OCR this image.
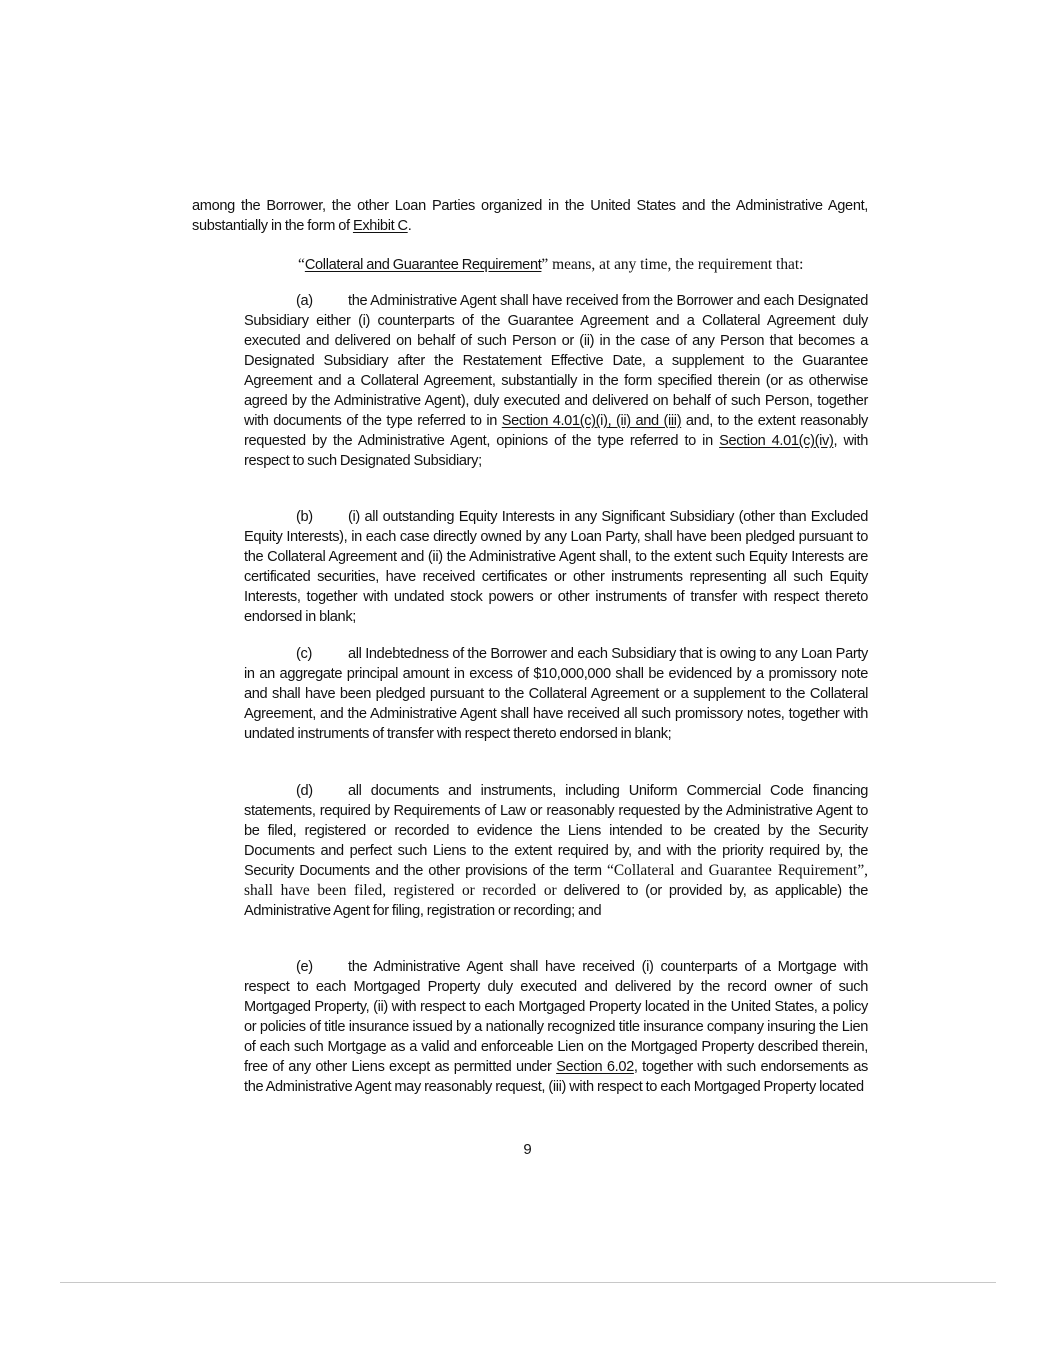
among the Borrower, the other Loan Parties organized in the United States and the Administrative Agent, substantially in the form of Exhibit C.

“Collateral and Guarantee Requirement” means, at any time, the requirement that:

(a) the Administrative Agent shall have received from the Borrower and each Designated Subsidiary either (i) counterparts of the Guarantee Agreement and a Collateral Agreement duly executed and delivered on behalf of such Person or (ii) in the case of any Person that becomes a Designated Subsidiary after the Restatement Effective Date, a supplement to the Guarantee Agreement and a Collateral Agreement, substantially in the form specified therein (or as otherwise agreed by the Administrative Agent), duly executed and delivered on behalf of such Person, together with documents of the type referred to in Section 4.01(c)(i), (ii) and (iii) and, to the extent reasonably requested by the Administrative Agent, opinions of the type referred to in Section 4.01(c)(iv), with respect to such Designated Subsidiary;

(b) (i) all outstanding Equity Interests in any Significant Subsidiary (other than Excluded Equity Interests), in each case directly owned by any Loan Party, shall have been pledged pursuant to the Collateral Agreement and (ii) the Administrative Agent shall, to the extent such Equity Interests are certificated securities, have received certificates or other instruments representing all such Equity Interests, together with undated stock powers or other instruments of transfer with respect thereto endorsed in blank;

(c) all Indebtedness of the Borrower and each Subsidiary that is owing to any Loan Party in an aggregate principal amount in excess of $10,000,000 shall be evidenced by a promissory note and shall have been pledged pursuant to the Collateral Agreement or a supplement to the Collateral Agreement, and the Administrative Agent shall have received all such promissory notes, together with undated instruments of transfer with respect thereto endorsed in blank;

(d) all documents and instruments, including Uniform Commercial Code financing statements, required by Requirements of Law or reasonably requested by the Administrative Agent to be filed, registered or recorded to evidence the Liens intended to be created by the Security Documents and perfect such Liens to the extent required by, and with the priority required by, the Security Documents and the other provisions of the term “Collateral and Guarantee Requirement”, shall have been filed, registered or recorded or delivered to (or provided by, as applicable) the Administrative Agent for filing, registration or recording; and

(e) the Administrative Agent shall have received (i) counterparts of a Mortgage with respect to each Mortgaged Property duly executed and delivered by the record owner of such Mortgaged Property, (ii) with respect to each Mortgaged Property located in the United States, a policy or policies of title insurance issued by a nationally recognized title insurance company insuring the Lien of each such Mortgage as a valid and enforceable Lien on the Mortgaged Property described therein, free of any other Liens except as permitted under Section 6.02, together with such endorsements as the Administrative Agent may reasonably request, (iii) with respect to each Mortgaged Property located

9
